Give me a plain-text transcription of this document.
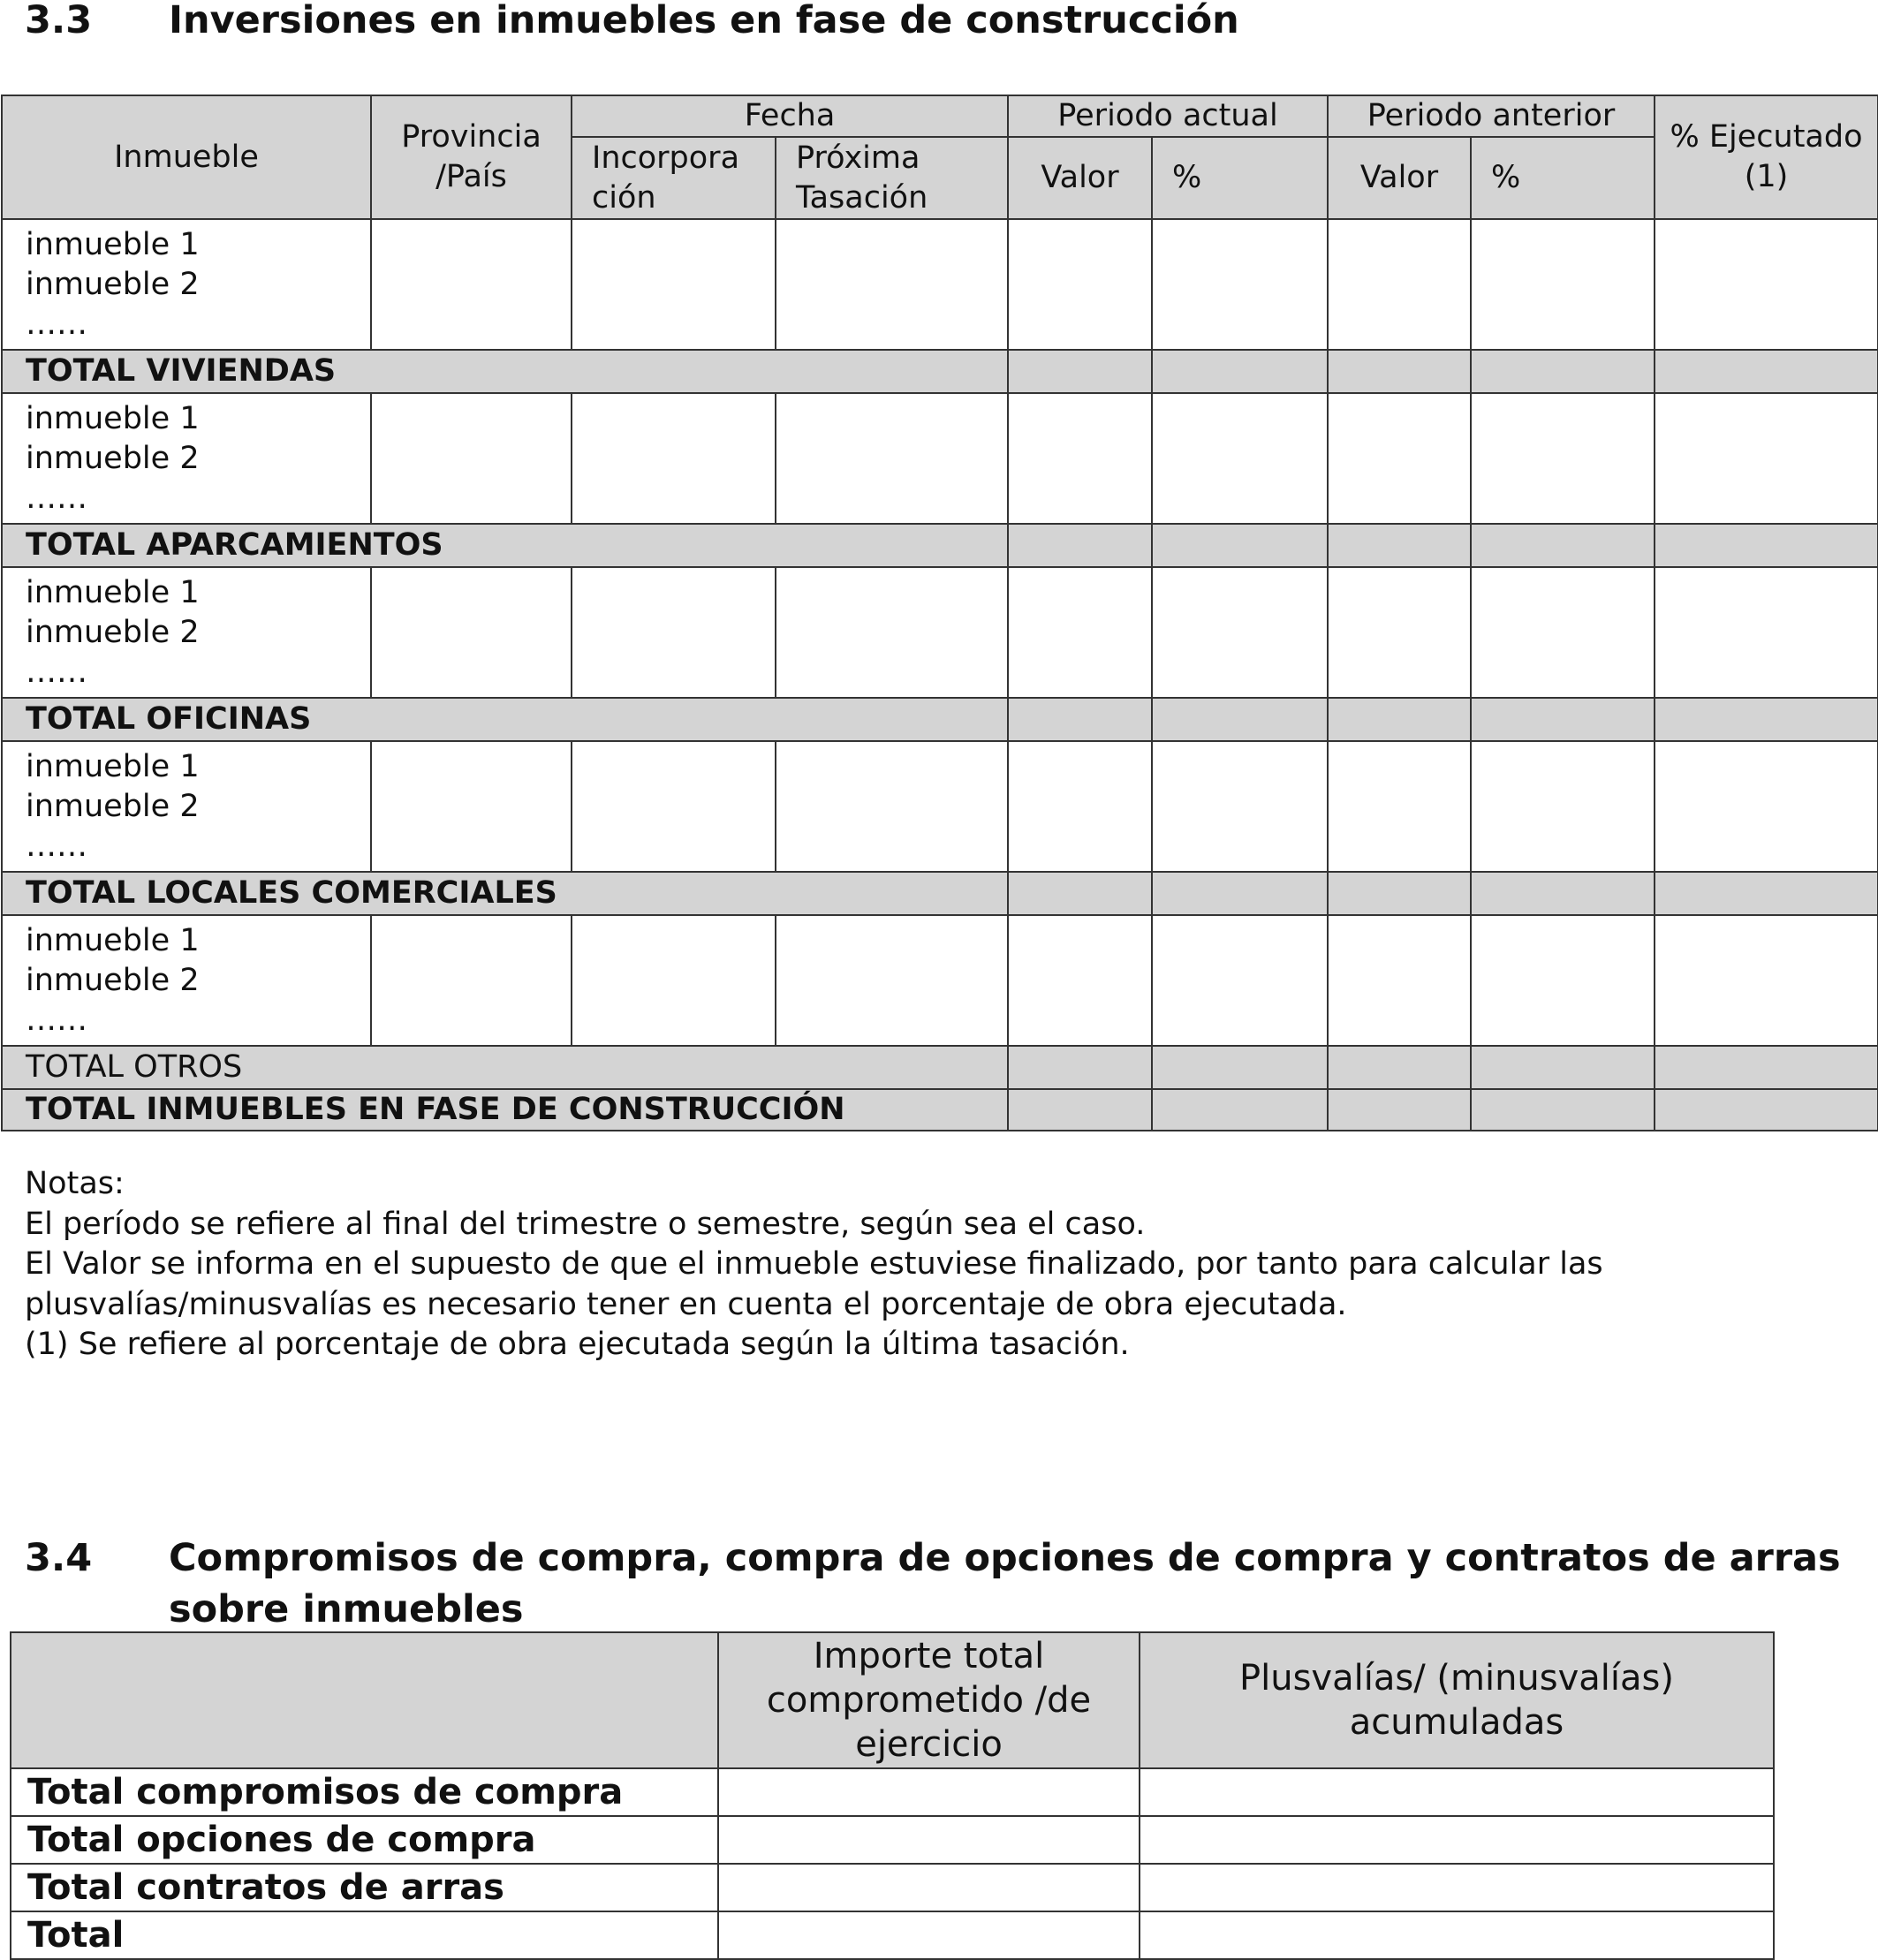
3.3 Inversiones en inmuebles en fase de construcción
Inmueble	Provincia /País	Fecha		Periodo actual		Periodo anterior		% Ejecutado (1)
		Incorpora ción	Próxima Tasación	Valor	%	Valor	%	

inmueble 1
inmueble 2
……								

TOTAL VIVIENDAS								

inmueble 1
inmueble 2
……								

TOTAL APARCAMIENTOS								

inmueble 1
inmueble 2
……								

TOTAL OFICINAS								

inmueble 1
inmueble 2
……								

TOTAL LOCALES COMERCIALES								

inmueble 1
inmueble 2
……								

TOTAL OTROS								
TOTAL INMUEBLES EN FASE DE CONSTRUCCIÓN								
Notas:
El período se refiere al final del trimestre o semestre, según sea el caso.
El Valor se informa en el supuesto de que el inmueble estuviese finalizado, por tanto para calcular las
plusvalías/minusvalías es necesario tener en cuenta el porcentaje de obra ejecutada.
(1) Se refiere al porcentaje de obra ejecutada según la última tasación.
3.4 Compromisos de compra, compra de opciones de compra y contratos de arras
sobre inmuebles
	Importe total comprometido /de ejercicio	Plusvalías/ (minusvalías) acumuladas
Total compromisos de compra		
Total opciones de compra		
Total contratos de arras		
Total		
